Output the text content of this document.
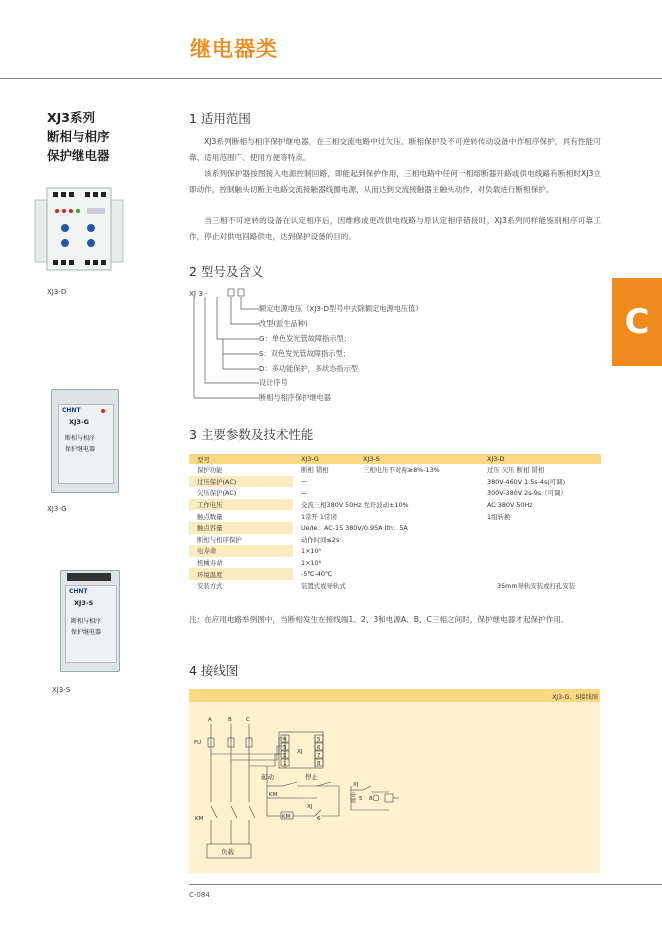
继电器类
C
XJ3系列
断相与相序
保护继电器
XJ3-D
CHNT
XJ3-G
断相与相序
保护继电器
XJ3-G
CHNT
XJ3-S
断相与相序
保护继电器
XJ3-S
1 适用范围
XJ3系列断相与相序保护继电器，在三相交流电路中过欠压、断相保护及不可逆转传动设备中作相序保护，具有性能可靠、适用范围广、使用方便等特点。
该系列保护器按图接入电源控制回路，即能起到保护作用，三相电路中任何一相熔断器开路或供电线路有断相时XJ3立即动作，控制触头切断主电路交流接触器线圈电源，从而达到交流接触器主触头动作，对负载进行断相保护。
当三相不可逆转的设备在认定相序后，因维修或更改供电线路与原认定相序错接时，XJ3系列同样能鉴别相序可靠工作，停止对供电回路供电，达到保护设备的目的。
2 型号及含义
XJ 3 -
额定电源电压（XJ3-D型号中去除额定电源电压值）
改型(派生品种)
G：单色发光管故障指示型；
S：双色发光管故障指示型；
D：多功能保护，多状态指示型
设计序号
断相与相序保护继电器
3 主要参数及技术性能
型号	XJ3-G	XJ3-S	XJ3-D
保护功能	断相 错相	三相电压不对称≥8%-13%	过压 欠压 断相 错相
过压保护(AC)	—		380V-460V 1.5s-4s(可调)
欠压保护(AC)	—		300V-380V 2s-9s（可调）
工作电压	交流三相380V 50Hz 允许波动±10%		AC 380V 50Hz
触点数量	1常开 1常闭		1组转换
触点容量	Ue/Ie：AC-15 380V/0.95A Ith：5A		
断相与相序保护	动作时间≤2s		
电寿命	1×10⁵		
机械寿命	1×10⁶		
环境温度	-5℃-40℃		
安装方式	装置式或导轨式		35mm导轨安装或打孔安装
注：在应用电路举例图中，当断相发生在接线端1、2、3和电源A、B、C三相之间时，保护继电器才起保护作用。
4 接线图
XJ3-G、S接线图
A	B	C
FU
XJ
4
3
2
1
5
6
7
8
起动	停止
KM
KM
XJ
6
KM
负载
电源
XJ
5 8
C-084
